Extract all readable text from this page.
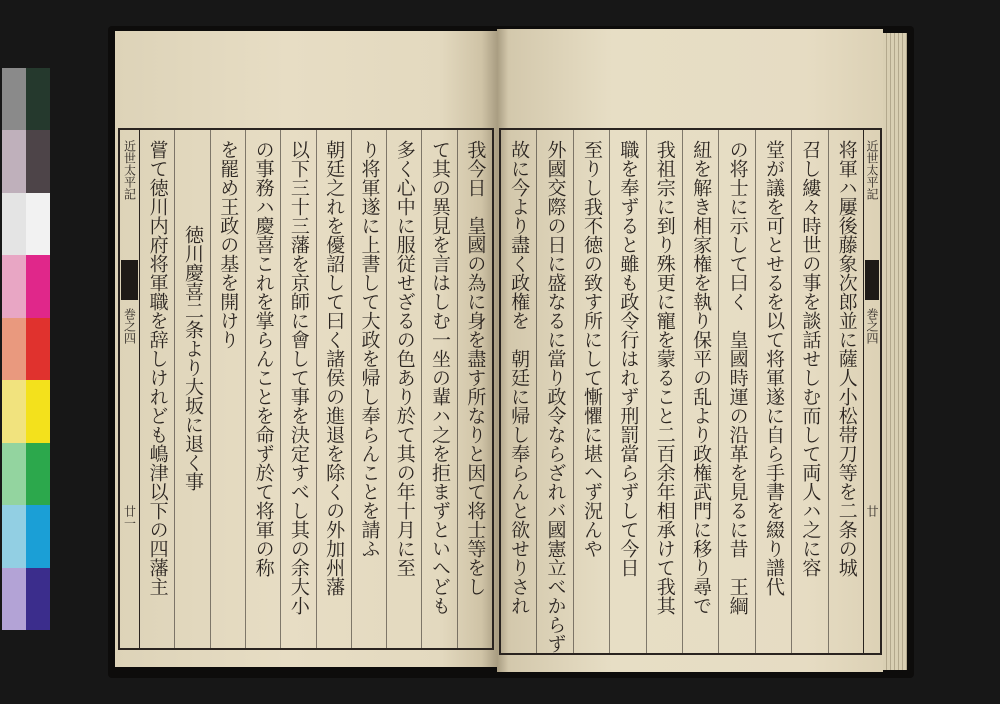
近世太平記
巻之四
廿一	我今日　皇國の為に身を盡す所なりと因て将士等をし
て其の異見を言はしむ一坐の輩ハ之を拒まずといへども
多く心中に服従せざるの色あり於て其の年十月に至
り将軍遂に上書して大政を帰し奉らんことを請ふ
朝廷之れを優詔して曰く諸侯の進退を除くの外加州藩
以下三十三藩を京師に會して事を決定すべし其の余大小
の事務ハ慶喜これを掌らんことを命ず於て将軍の称
を罷め王政の基を開けり
徳川慶喜二条より大坂に退く事
嘗て徳川内府将軍職を辞しけれども嶋津以下の四藩主	将軍ハ屢後藤象次郎並に薩人小松帯刀等を二条の城
召し縷々時世の事を談話せしむ而して両人ハ之に容
堂が議を可とせるを以て将軍遂に自ら手書を綴り譜代
の将士に示して曰く　皇國時運の沿革を見るに昔　王綱
紐を解き相家権を執り保平の乱より政権武門に移り尋で
我祖宗に到り殊更に寵を蒙ること二百余年相承けて我其
職を奉ずると雖も政令行はれず刑罰當らずして今日
至りし我不徳の致す所にして慚懼に堪へず況んや
外國交際の日に盛なるに當り政令ならざれバ國憲立べからず
故に今より盡く政権を　朝廷に帰し奉らんと欲せりされ	近世太平記
巻之四
廿
